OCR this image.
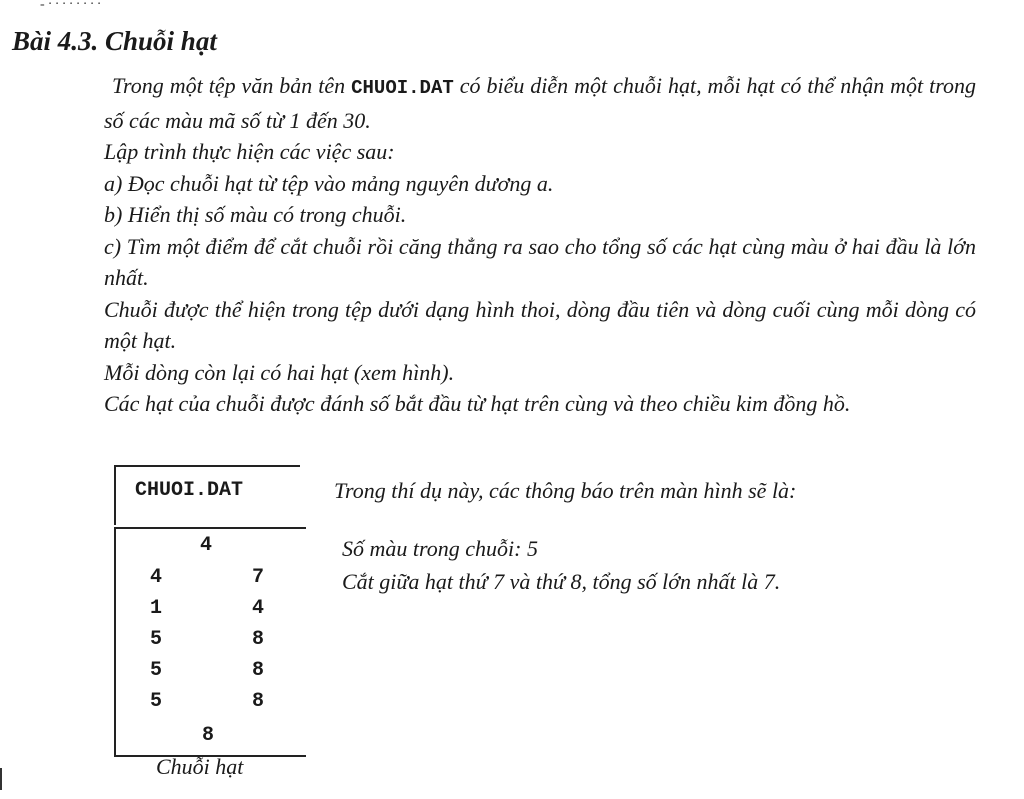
- · · · · · · · ·
Bài 4.3. Chuỗi hạt

Trong một tệp văn bản tên CHUOI.DAT có biểu diễn một chuỗi hạt, mỗi hạt có thể nhận một trong số các màu mã số từ 1 đến 30.

Lập trình thực hiện các việc sau:

a) Đọc chuỗi hạt từ tệp vào mảng nguyên dương a.

b) Hiển thị số màu có trong chuỗi.

c) Tìm một điểm để cắt chuỗi rồi căng thẳng ra sao cho tổng số các hạt cùng màu ở hai đầu là lớn nhất.

Chuỗi được thể hiện trong tệp dưới dạng hình thoi, dòng đầu tiên và dòng cuối cùng mỗi dòng có một hạt.

Mỗi dòng còn lại có hai hạt (xem hình).

Các hạt của chuỗi được đánh số bắt đầu từ hạt trên cùng và theo chiều kim đồng hồ.

CHUOI.DAT
4
4	7
1	4
5	8
5	8
5	8
8
Chuỗi hạt
Trong thí dụ này, các thông báo trên màn hình sẽ là:
Số màu trong chuỗi: 5
Cắt giữa hạt thứ 7 và thứ 8, tổng số lớn nhất là 7.
